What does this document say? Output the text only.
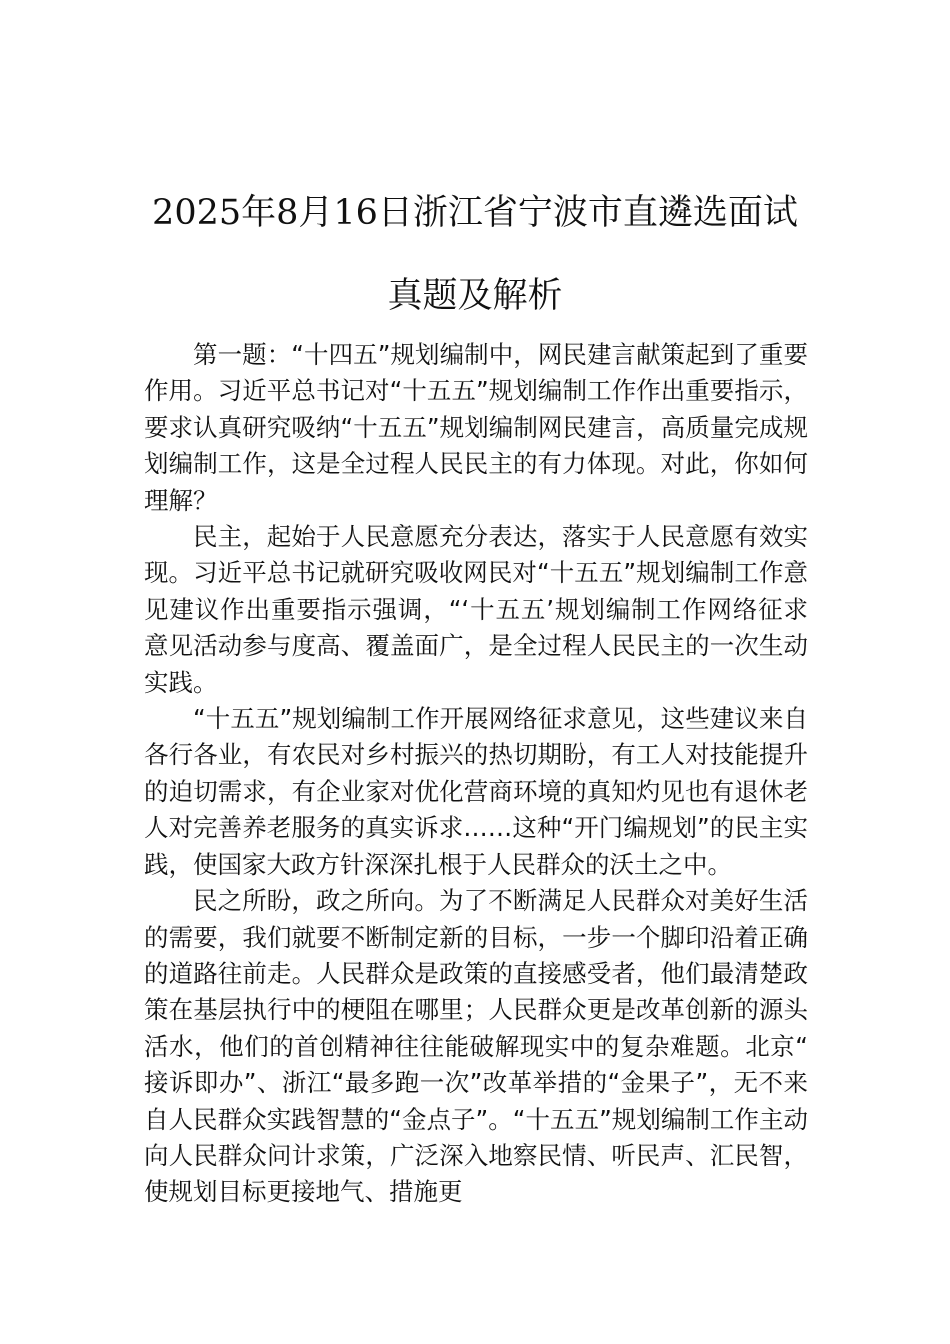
2025年8月16日浙江省宁波市直遴选面试
真题及解析

第一题：“十四五”规划编制中，网民建言献策起到了重要作用。习近平总书记对“十五五”规划编制工作作出重要指示，要求认真研究吸纳“十五五”规划编制网民建言，高质量完成规划编制工作，这是全过程人民民主的有力体现。对此，你如何理解？

民主，起始于人民意愿充分表达，落实于人民意愿有效实现。习近平总书记就研究吸收网民对“十五五”规划编制工作意见建议作出重要指示强调，“‘十五五’规划编制工作网络征求意见活动参与度高、覆盖面广，是全过程人民民主的一次生动实践。

“十五五”规划编制工作开展网络征求意见，这些建议来自各行各业，有农民对乡村振兴的热切期盼，有工人对技能提升的迫切需求，有企业家对优化营商环境的真知灼见也有退休老人对完善养老服务的真实诉求……这种“开门编规划”的民主实践，使国家大政方针深深扎根于人民群众的沃土之中。

民之所盼，政之所向。为了不断满足人民群众对美好生活的需要，我们就要不断制定新的目标，一步一个脚印沿着正确的道路往前走。人民群众是政策的直接感受者，他们最清楚政策在基层执行中的梗阻在哪里；人民群众更是改革创新的源头活水，他们的首创精神往往能破解现实中的复杂难题。北京“接诉即办”、浙江“最多跑一次”改革举措的“金果子”，无不来自人民群众实践智慧的“金点子”。“十五五”规划编制工作主动向人民群众问计求策，广泛深入地察民情、听民声、汇民智，使规划目标更接地气、措施更
